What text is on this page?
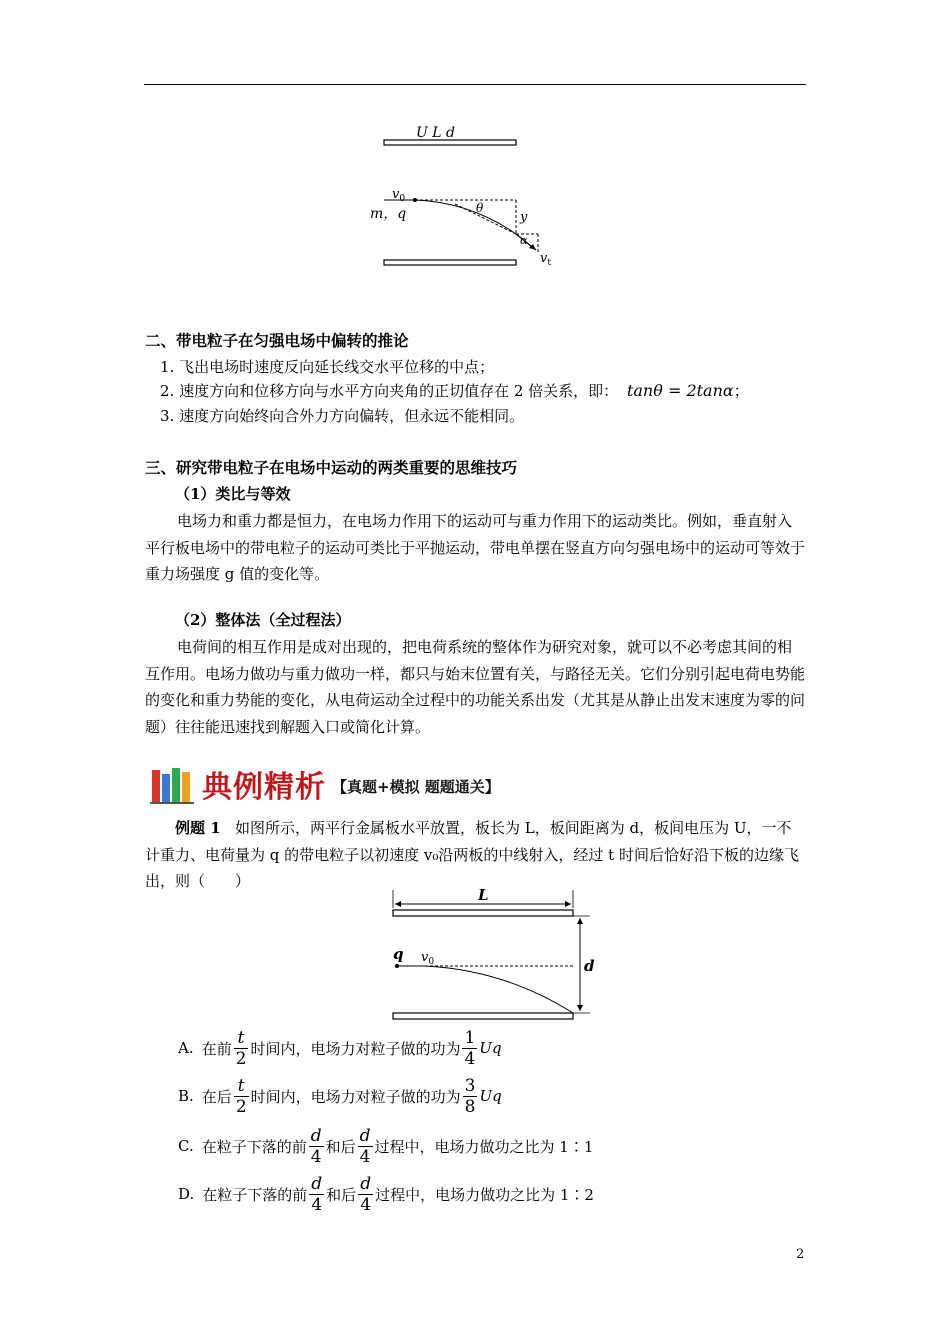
U L d
$v_0$
m，q	θ
y
α
$v_t$
二、带电粒子在匀强电场中偏转的推论
1. 飞出电场时速度反向延长线交水平位移的中点；
2. 速度方向和位移方向与水平方向夹角的正切值存在 2 倍关系，即： tanθ = 2tanα；
3. 速度方向始终向合外力方向偏转，但永远不能相同。
三、研究带电粒子在电场中运动的两类重要的思维技巧
（1）类比与等效
电场力和重力都是恒力，在电场力作用下的运动可与重力作用下的运动类比。例如，垂直射入平行板电场中的带电粒子的运动可类比于平抛运动，带电单摆在竖直方向匀强电场中的运动可等效于重力场强度 g 值的变化等。
（2）整体法（全过程法）
电荷间的相互作用是成对出现的，把电荷系统的整体作为研究对象，就可以不必考虑其间的相互作用。电场力做功与重力做功一样，都只与始末位置有关，与路径无关。它们分别引起电荷电势能的变化和重力势能的变化，从电荷运动全过程中的功能关系出发（尤其是从静止出发末速度为零的问题）往往能迅速找到解题入口或简化计算。
典例精析 【真题+模拟 题题通关】
例题 1 如图所示，两平行金属板水平放置，板长为 L，板间距离为 d，板间电压为 U，一不计重力、电荷量为 q 的带电粒子以初速度 v₀沿两板的中线射入，经过 t 时间后恰好沿下板的边缘飞出，则（　　）
L
d
q $v_0$
A. 在前 $\frac{t}{2}$ 时间内，电场力对粒子做的功为 $\frac{1}{4}$ Uq
B. 在后 $\frac{t}{2}$ 时间内，电场力对粒子做的功为 $\frac{3}{8}$ Uq
C. 在粒子下落的前 $\frac{d}{4}$ 和后 $\frac{d}{4}$ 过程中，电场力做功之比为 1∶1
D. 在粒子下落的前 $\frac{d}{4}$ 和后 $\frac{d}{4}$ 过程中，电场力做功之比为 1∶2
2
